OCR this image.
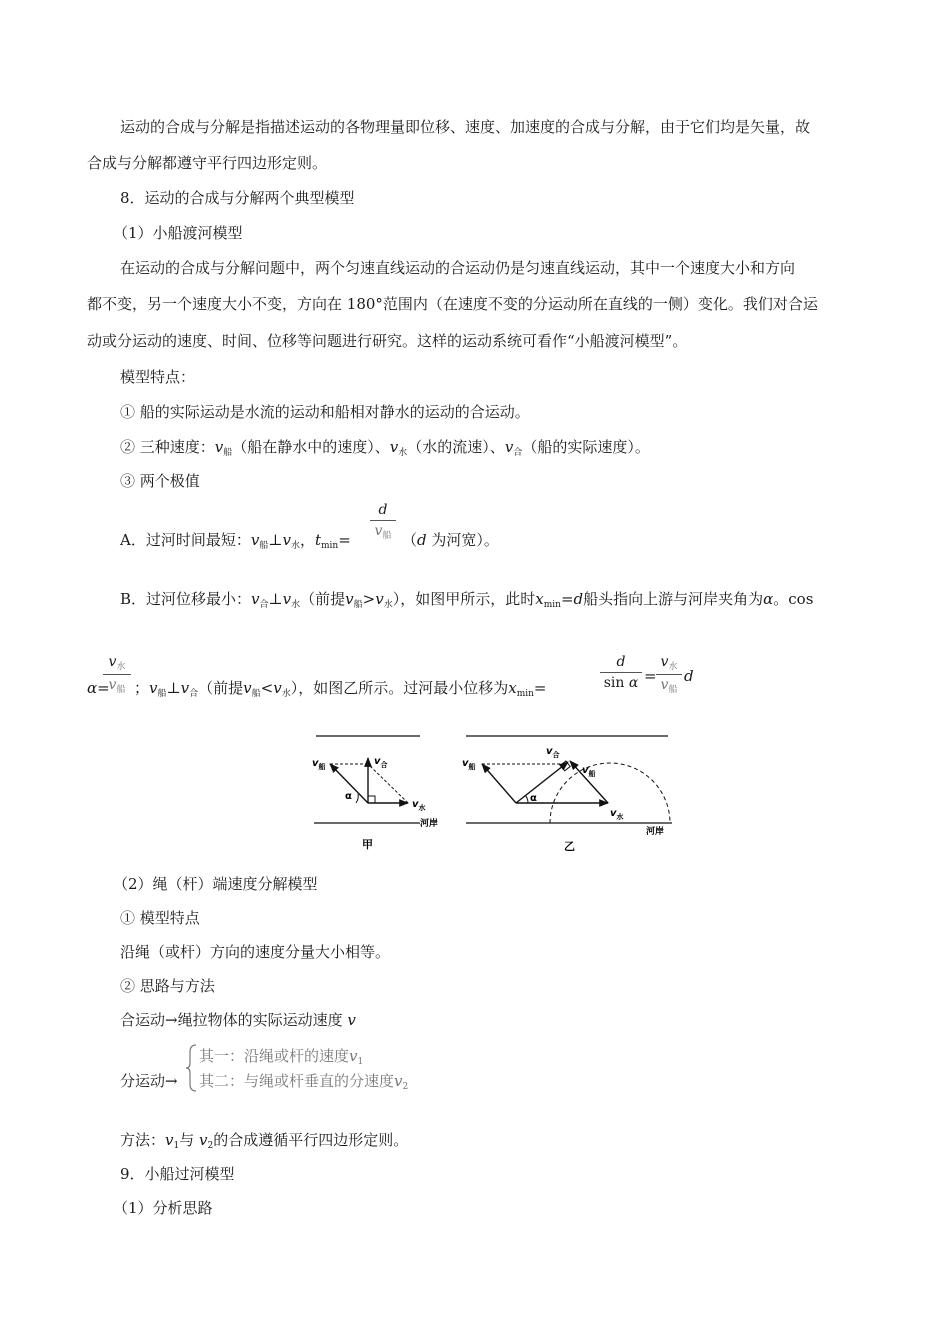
运动的合成与分解是指描述运动的各物理量即位移、速度、加速度的合成与分解，由于它们均是矢量，故
合成与分解都遵守平行四边形定则。
8．运动的合成与分解两个典型模型
（1）小船渡河模型
在运动的合成与分解问题中，两个匀速直线运动的合运动仍是匀速直线运动，其中一个速度大小和方向
都不变，另一个速度大小不变，方向在 180°范围内（在速度不变的分运动所在直线的一侧）变化。我们对合运
动或分运动的速度、时间、位移等问题进行研究。这样的运动系统可看作“小船渡河模型”。
模型特点：
① 船的实际运动是水流的运动和船相对静水的运动的合运动。
② 三种速度：$v_船$（船在静水中的速度）、$v_水$（水的流速）、$v_合$（船的实际速度）。
③ 两个极值
A．过河时间最短：$v_船\perp v_水$，$t_{min}=$
d
$v_船$ （d 为河宽）。
B．过河位移最小：$v_合\perp v_水$（前提$v_船>v_水$），如图甲所示，此时$x_{min}=d$船头指向上游与河岸夹角为α。cos
α=
$v_水$
$v_船$ ；$v_船\perp v_合$（前提$v_船<v_水$），如图乙所示。过河最小位移为$x_{min}=$
d
sin α =
$v_水$
$v_船$
d
α
$v_船$	$v_合$
$v_水$
河岸
甲
α
$v_船$
$v_合$
$v_船$
$v_水$
河岸
乙
（2）绳（杆）端速度分解模型
① 模型特点
沿绳（或杆）方向的速度分量大小相等。
② 思路与方法
合运动→绳拉物体的实际运动速度 v
分运动→
其一：沿绳或杆的速度$v_1$
其二：与绳或杆垂直的分速度$v_2$
方法：$v_1$与 $v_2$的合成遵循平行四边形定则。
9．小船过河模型
（1）分析思路
